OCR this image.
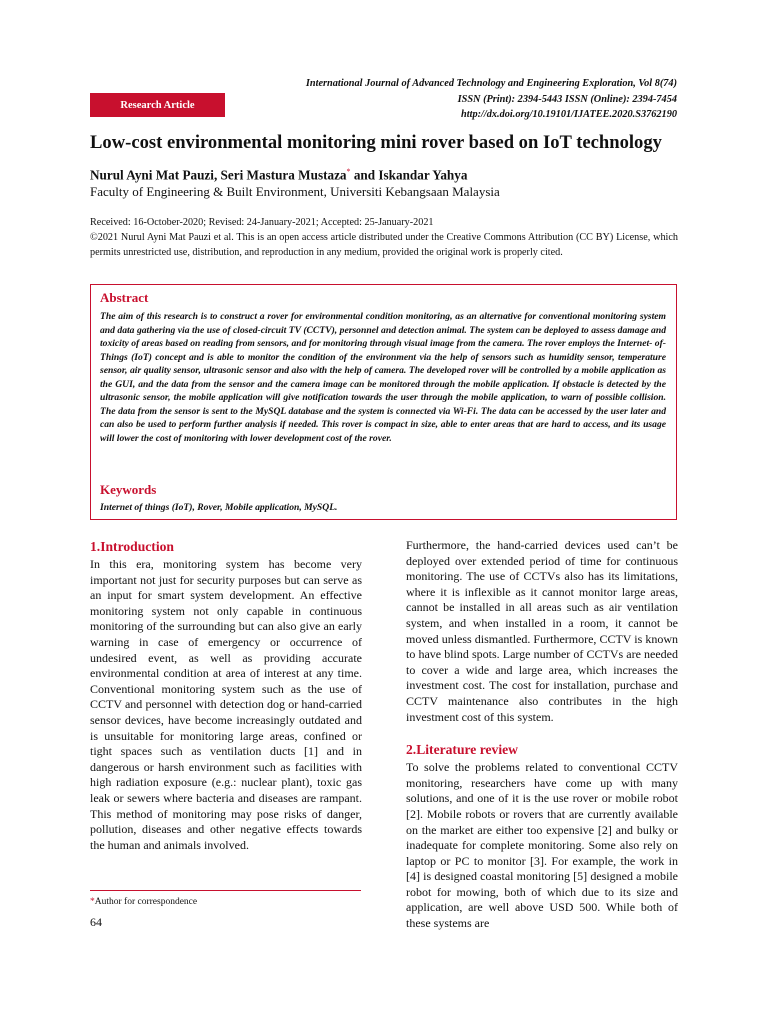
International Journal of Advanced Technology and Engineering Exploration, Vol 8(74)
ISSN (Print): 2394-5443 ISSN (Online): 2394-7454
http://dx.doi.org/10.19101/IJATEE.2020.S3762190
Research Article
Low-cost environmental monitoring mini rover based on IoT technology
Nurul Ayni Mat Pauzi, Seri Mastura Mustaza* and Iskandar Yahya
Faculty of Engineering & Built Environment, Universiti Kebangsaan Malaysia
Received: 16-October-2020; Revised: 24-January-2021; Accepted: 25-January-2021
©2021 Nurul Ayni Mat Pauzi et al. This is an open access article distributed under the Creative Commons Attribution (CC BY) License, which permits unrestricted use, distribution, and reproduction in any medium, provided the original work is properly cited.
Abstract
The aim of this research is to construct a rover for environmental condition monitoring, as an alternative for conventional monitoring system and data gathering via the use of closed-circuit TV (CCTV), personnel and detection animal. The system can be deployed to assess damage and toxicity of areas based on reading from sensors, and for monitoring through visual image from the camera. The rover employs the Internet- of-Things (IoT) concept and is able to monitor the condition of the environment via the help of sensors such as humidity sensor, temperature sensor, air quality sensor, ultrasonic sensor and also with the help of camera. The developed rover will be controlled by a mobile application as the GUI, and the data from the sensor and the camera image can be monitored through the mobile application. If obstacle is detected by the ultrasonic sensor, the mobile application will give notification towards the user through the mobile application, to warn of possible collision. The data from the sensor is sent to the MySQL database and the system is connected via Wi-Fi. The data can be accessed by the user later and can also be used to perform further analysis if needed. This rover is compact in size, able to enter areas that are hard to access, and its usage will lower the cost of monitoring with lower development cost of the rover.
Keywords
Internet of things (IoT), Rover, Mobile application, MySQL.
1.Introduction

In this era, monitoring system has become very important not just for security purposes but can serve as an input for smart system development. An effective monitoring system not only capable in continuous monitoring of the surrounding but can also give an early warning in case of emergency or occurrence of undesired event, as well as providing accurate environmental condition at area of interest at any time. Conventional monitoring system such as the use of CCTV and personnel with detection dog or hand-carried sensor devices, have become increasingly outdated and is unsuitable for monitoring large areas, confined or tight spaces such as ventilation ducts [1] and in dangerous or harsh environment such as facilities with high radiation exposure (e.g.: nuclear plant), toxic gas leak or sewers where bacteria and diseases are rampant. This method of monitoring may pose risks of danger, pollution, diseases and other negative effects towards the human and animals involved.

Furthermore, the hand-carried devices used can’t be deployed over extended period of time for continuous monitoring. The use of CCTVs also has its limitations, where it is inflexible as it cannot monitor large areas, cannot be installed in all areas such as air ventilation system, and when installed in a room, it cannot be moved unless dismantled. Furthermore, CCTV is known to have blind spots. Large number of CCTVs are needed to cover a wide and large area, which increases the investment cost. The cost for installation, purchase and CCTV maintenance also contributes in the high investment cost of this system.

2.Literature review

To solve the problems related to conventional CCTV monitoring, researchers have come up with many solutions, and one of it is the use rover or mobile robot [2]. Mobile robots or rovers that are currently available on the market are either too expensive [2] and bulky or inadequate for complete monitoring. Some also rely on laptop or PC to monitor [3]. For example, the work in [4] is designed coastal monitoring [5] designed a mobile robot for mowing, both of which due to its size and application, are well above USD 500. While both of these systems are

*Author for correspondence
64
